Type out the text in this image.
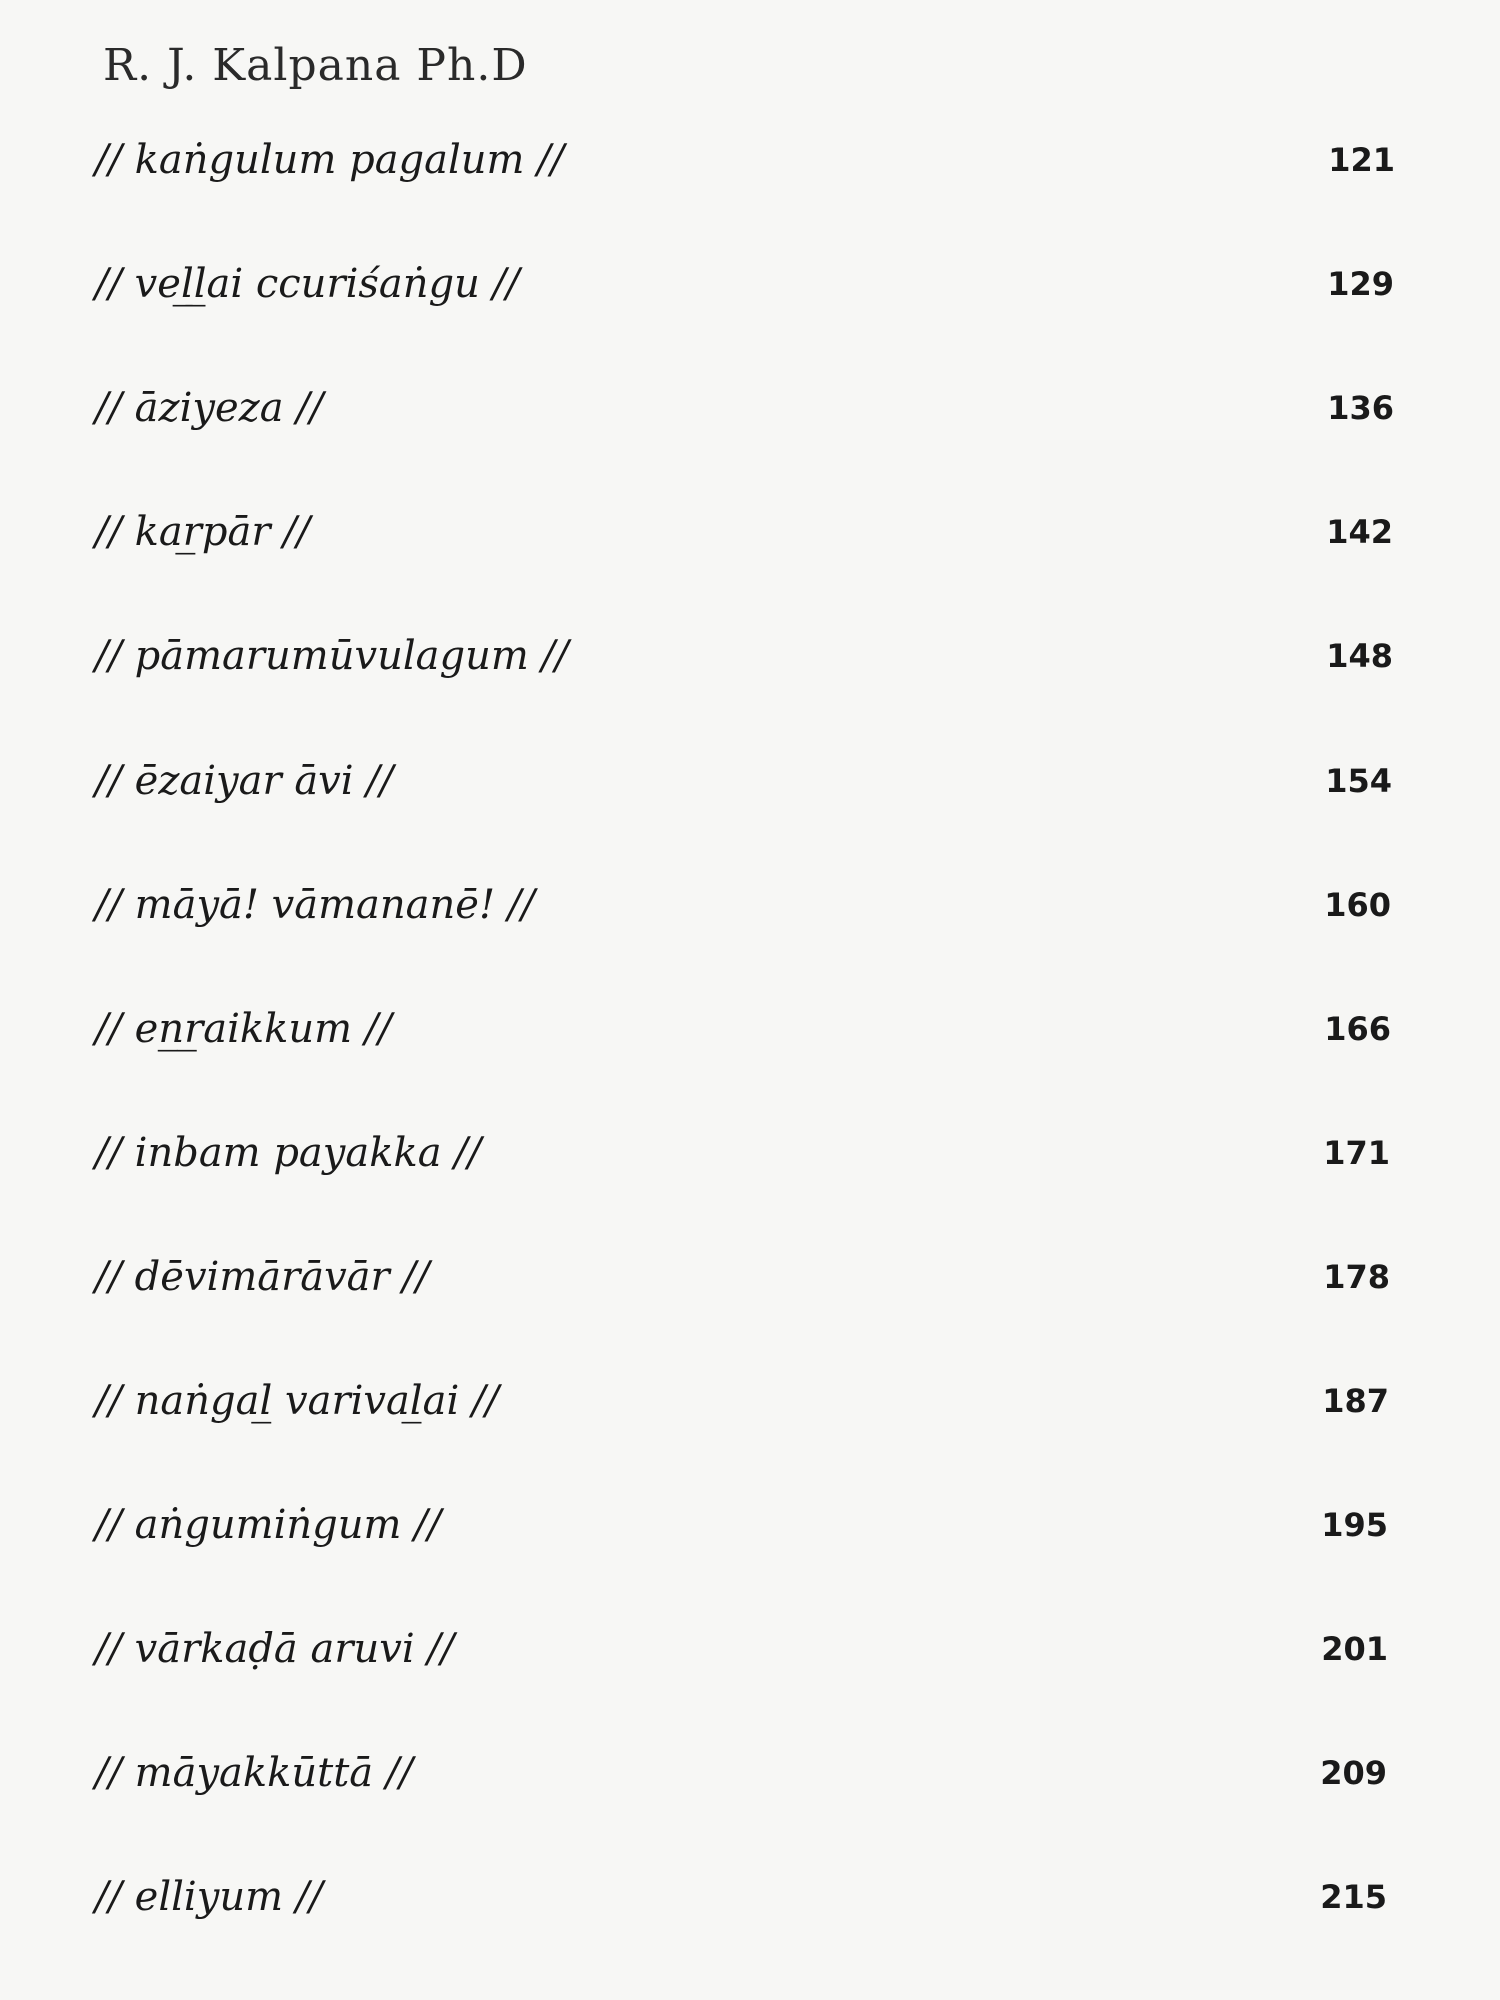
R. J. Kalpana Ph.D
// kaṅgulum pagalum //	121
// vel̲l̲ai ccuriśaṅgu //	129
// āziyeza //	136
// kar̲pār //	142
// pāmarumūvulagum //	148
// ēzaiyar āvi //	154
// māyā! vāmananē! //	160
// en̲r̲aikkum //	166
// inbam payakka //	171
// dēvimārāvār //	178
// naṅgal̲ varival̲ai //	187
// aṅgumiṅgum //	195
// vārkaḍā aruvi //	201
// māyakkūttā //	209
// elliyum //	215
